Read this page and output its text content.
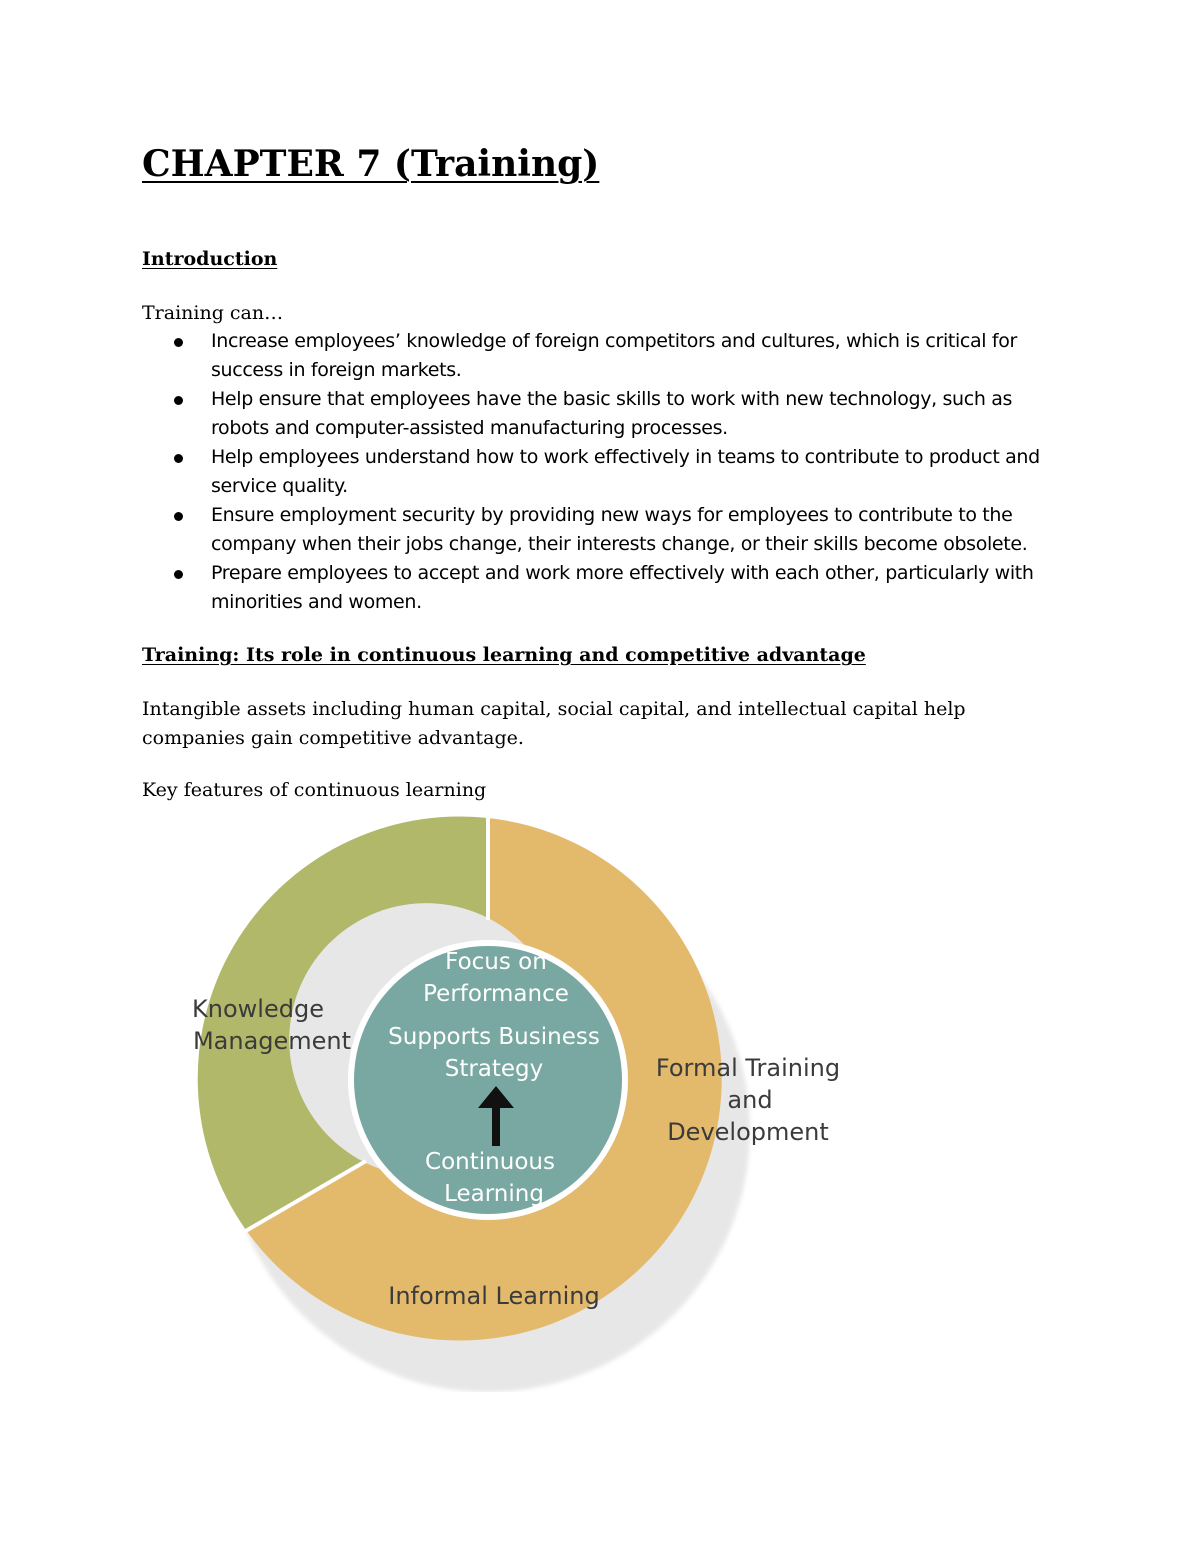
CHAPTER 7 (Training)
Introduction

Training can…

Increase employees’ knowledge of foreign competitors and cultures, which is critical for success in foreign markets.
Help ensure that employees have the basic skills to work with new technology, such as robots and computer-assisted manufacturing processes.
Help employees understand how to work effectively in teams to contribute to product and service quality.
Ensure employment security by providing new ways for employees to contribute to the company when their jobs change, their interests change, or their skills become obsolete.
Prepare employees to accept and work more effectively with each other, particularly with minorities and women.
Training: Its role in continuous learning and competitive advantage

Intangible assets including human capital, social capital, and intellectual capital help companies gain competitive advantage.

Key features of continuous learning

Knowledge
Management
Formal Training
and
Development
Informal Learning
Focus on
Performance
Supports Business
Strategy
Continuous
Learning
